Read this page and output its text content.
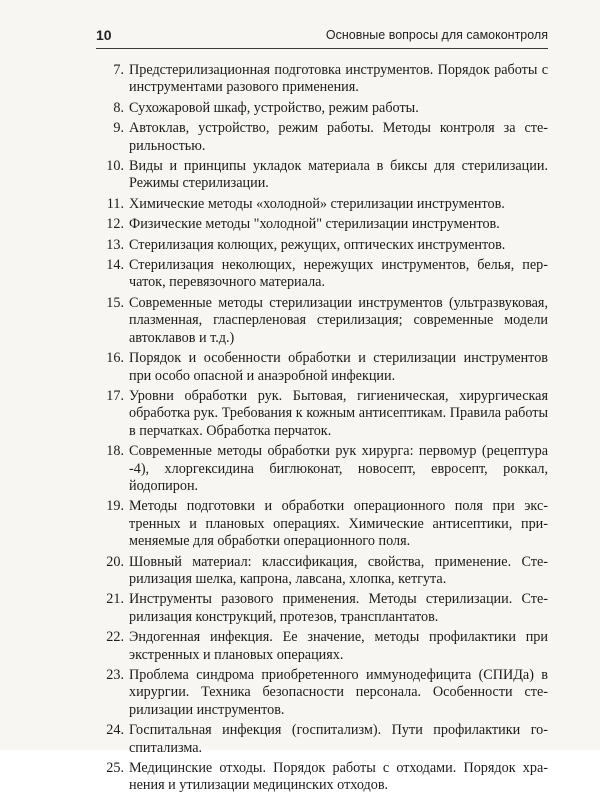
10	Основные вопросы для самоконтроля
7. Предстерилизационная подготовка инструментов. Порядок работы с инструментами разового применения.
8. Сухожаровой шкаф, устройство, режим работы.
9. Автоклав, устройство, режим работы. Методы контроля за стерильностью.
10. Виды и принципы укладок материала в биксы для стерилизации. Режимы стерилизации.
11. Химические методы «холодной» стерилизации инструментов.
12. Физические методы "холодной" стерилизации инструментов.
13. Стерилизация колющих, режущих, оптических инструментов.
14. Стерилизация неколющих, нережущих инструментов, белья, перчаток, перевязочного материала.
15. Современные методы стерилизации инструментов (ультразвуковая, плазменная, гласперленовая стерилизация; современные модели автоклавов и т.д.)
16. Порядок и особенности обработки и стерилизации инструментов при особо опасной и анаэробной инфекции.
17. Уровни обработки рук. Бытовая, гигиеническая, хирургическая обработка рук. Требования к кожным антисептикам. Правила работы в перчатках. Обработка перчаток.
18. Современные методы обработки рук хирурга: первомур (рецептура -4), хлоргексидина биглюконат, новосепт, евросепт, роккал, йодопирон.
19. Методы подготовки и обработки операционного поля при экстренных и плановых операциях. Химические антисептики, применяемые для обработки операционного поля.
20. Шовный материал: классификация, свойства, применение. Стерилизация шелка, капрона, лавсана, хлопка, кетгута.
21. Инструменты разового применения. Методы стерилизации. Стерилизация конструкций, протезов, трансплантатов.
22. Эндогенная инфекция. Ее значение, методы профилактики при экстренных и плановых операциях.
23. Проблема синдрома приобретенного иммунодефицита (СПИДа) в хирургии. Техника безопасности персонала. Особенности стерилизации инструментов.
24. Госпитальная инфекция (госпитализм). Пути профилактики госпитализма.
25. Медицинские отходы. Порядок работы с отходами. Порядок хранения и утилизации медицинских отходов.
